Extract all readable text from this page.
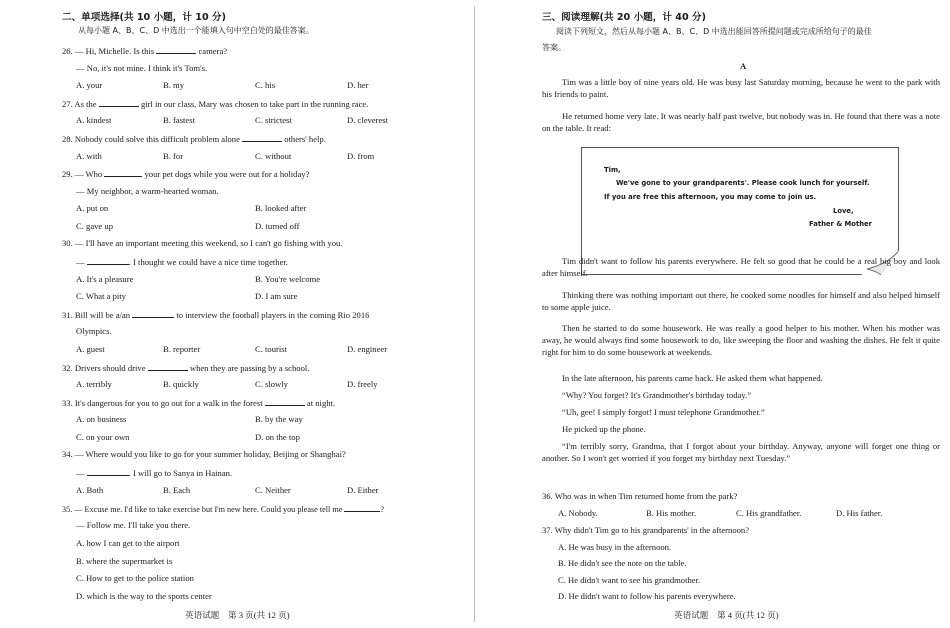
二、单项选择(共 10 小题，计 10 分)
从每小题 A、B、C、D 中选出一个能填入句中空白处的最佳答案。
26. — Hi, Michelle. Is this	camera?
— No, it's not mine. I think it's Tom's.
A. your	B. my	C. his	D. her
27. As the	girl in our class, Mary was chosen to take part in the running race.
A. kindest	B. fastest	C. strictest	D. cleverest
28. Nobody could solve this difficult problem alone	others' help.
A. with	B. for	C. without	D. from
29. — Who	your pet dogs while you were out for a holiday?
— My neighbor, a warm-hearted woman.
A. put on	B. looked after
C. gave up	D. turned off
30. — I'll have an important meeting this weekend, so I can't go fishing with you.
—	. I thought we could have a nice time together.
A. It's a pleasure	B. You're welcome
C. What a pity	D. I am sure
31. Bill will be a/an	to interview the football players in the coming Rio 2016
Olympics.
A. guest	B. reporter	C. tourist	D. engineer
32. Drivers should drive	when they are passing by a school.
A. terribly	B. quickly	C. slowly	D. freely
33. It's dangerous for you to go out for a walk in the forest	at night.
A. on business	B. by the way
C. on your own	D. on the top
34. — Where would you like to go for your summer holiday, Beijing or Shanghai?
—	. I will go to Sanya in Hainan.
A. Both	B. Each	C. Neither	D. Either
35. — Excuse me. I'd like to take exercise but I'm new here. Could you please tell me	?
— Follow me. I'll take you there.
A. how I can get to the airport
B. where the supermarket is
C. How to get to the police station
D. which is the way to the sports center
英语试题　第 3 页(共 12 页)
三、阅读理解(共 20 小题，计 40 分)
阅读下列短文，然后从每小题 A、B、C、D 中选出能回答所提问题或完成所给句子的最佳
答案。
A
Tim was a little boy of nine years old. He was busy last Saturday morning, because he went to the park with his friends to paint.
He returned home very late. It was nearly half past twelve, but nobody was in. He found that there was a note on the table. It read:
Tim,
We've gone to your grandparents'. Please cook lunch for yourself.
If you are free this afternoon, you may come to join us.
Love,
Father & Mother
Tim didn't want to follow his parents everywhere. He felt so good that he could be a real big boy and look after himself.
Thinking there was nothing important out there, he cooked some noodles for himself and also helped himself to some apple juice.
Then he started to do some housework. He was really a good helper to his mother. When his mother was away, he would always find some housework to do, like sweeping the floor and washing the dishes. He felt it quite right for him to do some housework at weekends.
In the late afternoon, his parents came back. He asked them what happened.
“Why? You forget? It's Grandmother's birthday today.”
“Uh, gee! I simply forgot! I must telephone Grandmother.”
He picked up the phone.
“I'm terribly sorry, Grandma, that I forgot about your birthday. Anyway, anyone will forget one thing or another. So I won't get worried if you forget my birthday next Tuesday.”
36. Who was in when Tim returned home from the park?
A. Nobody.	B. His mother.	C. His grandfather.	D. His father.
37. Why didn't Tim go to his grandparents' in the afternoon?
A. He was busy in the afternoon.
B. He didn't see the note on the table.
C. He didn't want to see his grandmother.
D. He didn't want to follow his parents everywhere.
英语试题　第 4 页(共 12 页)
